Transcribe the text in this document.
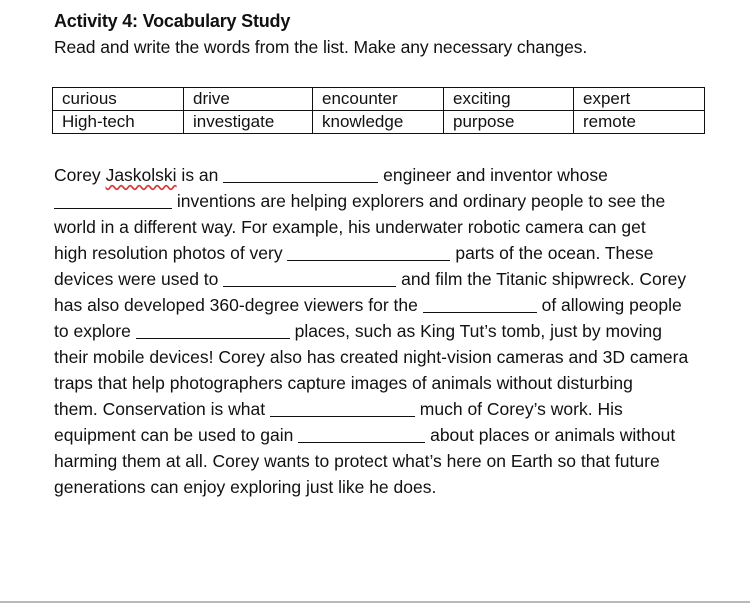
Activity 4: Vocabulary Study
Read and write the words from the list. Make any necessary changes.
curious	drive	encounter	exciting	expert
High-tech	investigate	knowledge	purpose	remote
Corey Jaskolski is an	engineer and inventor whose
inventions are helping explorers and ordinary people to see the
world in a different way. For example, his underwater robotic camera can get
high resolution photos of very	parts of the ocean. These
devices were used to	and film the Titanic shipwreck. Corey
has also developed 360-degree viewers for the	of allowing people
to explore	places, such as King Tut’s tomb, just by moving
their mobile devices! Corey also has created night-vision cameras and 3D camera
traps that help photographers capture images of animals without disturbing
them. Conservation is what	much of Corey’s work. His
equipment can be used to gain	about places or animals without
harming them at all. Corey wants to protect what’s here on Earth so that future
generations can enjoy exploring just like he does.
